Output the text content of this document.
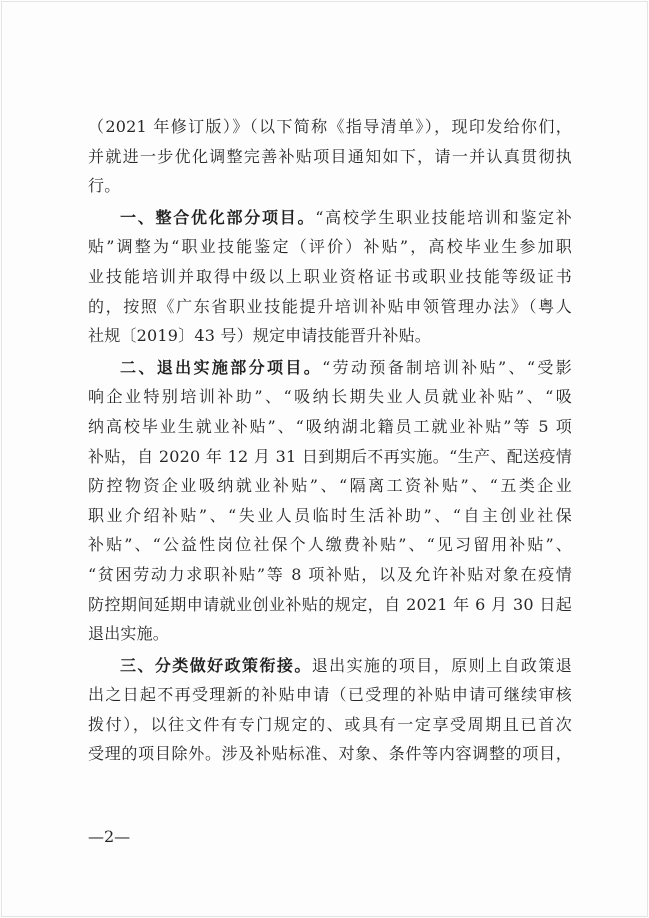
（2021 年修订版）》（以下简称《指导清单》），现印发给你们，
并就进一步优化调整完善补贴项目通知如下，请一并认真贯彻执
行。
一、整合优化部分项目。“高校学生职业技能培训和鉴定补
贴”调整为“职业技能鉴定（评价）补贴”，高校毕业生参加职
业技能培训并取得中级以上职业资格证书或职业技能等级证书
的，按照《广东省职业技能提升培训补贴申领管理办法》（粤人
社规〔2019〕43 号）规定申请技能晋升补贴。
二、退出实施部分项目。“劳动预备制培训补贴”、“受影
响企业特别培训补助”、“吸纳长期失业人员就业补贴”、“吸
纳高校毕业生就业补贴”、“吸纳湖北籍员工就业补贴”等 5 项
补贴，自 2020 年 12 月 31 日到期后不再实施。“生产、配送疫情
防控物资企业吸纳就业补贴”、“隔离工资补贴”、“五类企业
职业介绍补贴”、“失业人员临时生活补助”、“自主创业社保
补贴”、“公益性岗位社保个人缴费补贴”、“见习留用补贴”、
“贫困劳动力求职补贴”等 8 项补贴，以及允许补贴对象在疫情
防控期间延期申请就业创业补贴的规定，自 2021 年 6 月 30 日起
退出实施。
三、分类做好政策衔接。退出实施的项目，原则上自政策退
出之日起不再受理新的补贴申请（已受理的补贴申请可继续审核
拨付），以往文件有专门规定的、或具有一定享受周期且已首次
受理的项目除外。涉及补贴标准、对象、条件等内容调整的项目，
—2—
